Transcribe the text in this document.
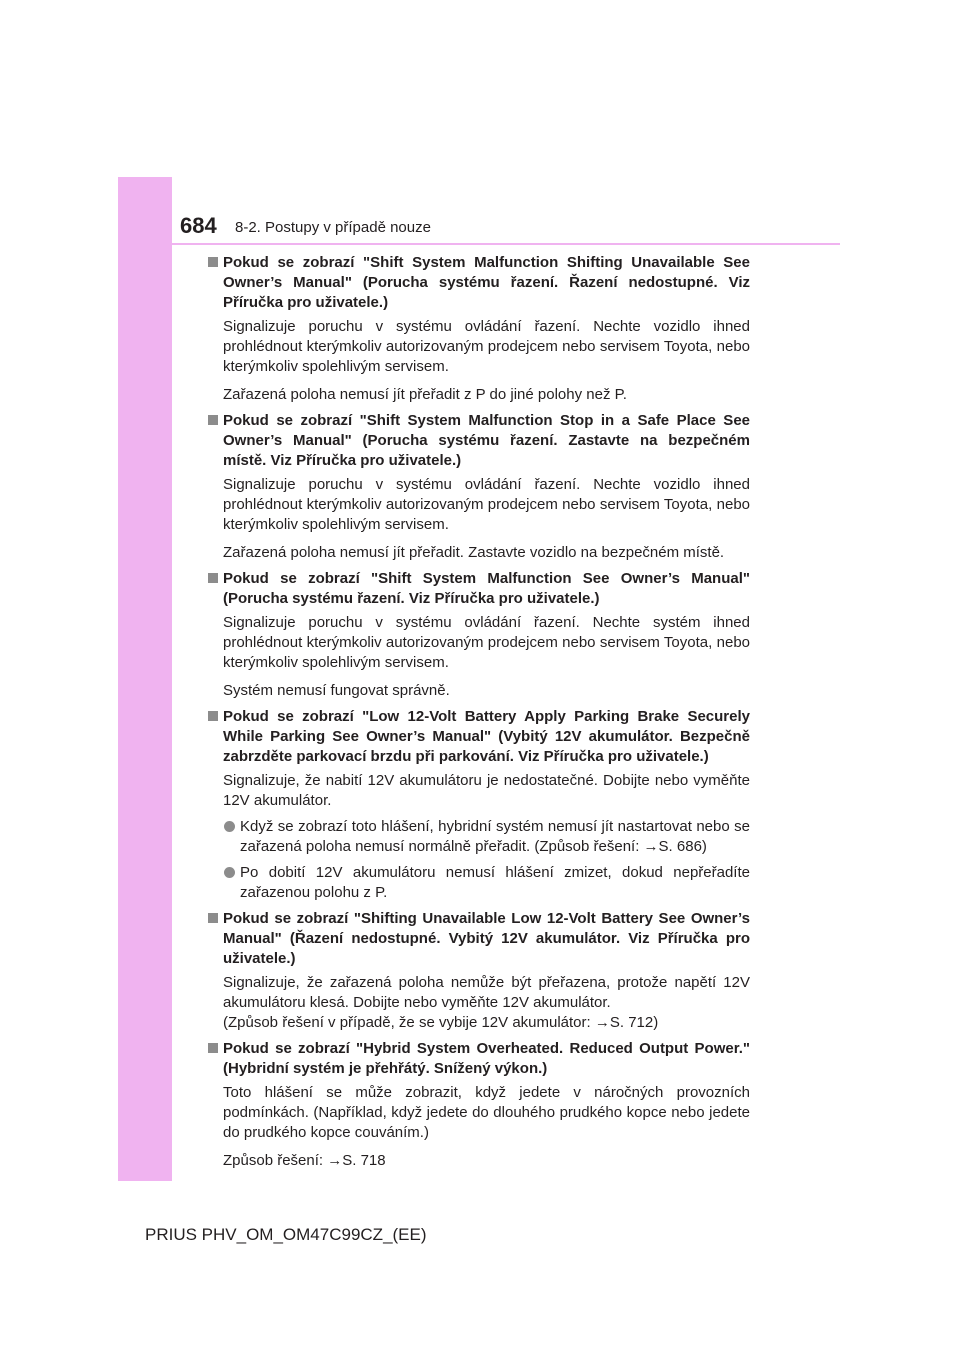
684 8-2. Postupy v případě nouze
Pokud se zobrazí "Shift System Malfunction Shifting Unavailable See Owner’s Manual" (Porucha systému řazení. Řazení nedostupné. Viz Příručka pro uživatele.)
Signalizuje poruchu v systému ovládání řazení. Nechte vozidlo ihned prohlédnout kterýmkoliv autorizovaným prodejcem nebo servisem Toyota, nebo kterýmkoliv spolehlivým servisem.
Zařazená poloha nemusí jít přeřadit z P do jiné polohy než P.
Pokud se zobrazí "Shift System Malfunction Stop in a Safe Place See Owner’s Manual" (Porucha systému řazení. Zastavte na bezpečném místě. Viz Příručka pro uživatele.)
Signalizuje poruchu v systému ovládání řazení. Nechte vozidlo ihned prohlédnout kterýmkoliv autorizovaným prodejcem nebo servisem Toyota, nebo kterýmkoliv spolehlivým servisem.
Zařazená poloha nemusí jít přeřadit. Zastavte vozidlo na bezpečném místě.
Pokud se zobrazí "Shift System Malfunction See Owner’s Manual" (Porucha systému řazení. Viz Příručka pro uživatele.)
Signalizuje poruchu v systému ovládání řazení. Nechte systém ihned prohlédnout kterýmkoliv autorizovaným prodejcem nebo servisem Toyota, nebo kterýmkoliv spolehlivým servisem.
Systém nemusí fungovat správně.
Pokud se zobrazí "Low 12-Volt Battery Apply Parking Brake Securely While Parking See Owner’s Manual" (Vybitý 12V akumulátor. Bezpečně zabrzděte parkovací brzdu při parkování. Viz Příručka pro uživatele.)
Signalizuje, že nabití 12V akumulátoru je nedostatečné. Dobijte nebo vyměňte 12V akumulátor.
Když se zobrazí toto hlášení, hybridní systém nemusí jít nastartovat nebo se zařazená poloha nemusí normálně přeřadit. (Způsob řešení: →S. 686)
Po dobití 12V akumulátoru nemusí hlášení zmizet, dokud nepřeřadíte zařazenou polohu z P.
Pokud se zobrazí "Shifting Unavailable Low 12-Volt Battery See Owner’s Manual" (Řazení nedostupné. Vybitý 12V akumulátor. Viz Příručka pro uživatele.)
Signalizuje, že zařazená poloha nemůže být přeřazena, protože napětí 12V akumulátoru klesá. Dobijte nebo vyměňte 12V akumulátor.
(Způsob řešení v případě, že se vybije 12V akumulátor: →S. 712)
Pokud se zobrazí "Hybrid System Overheated. Reduced Output Power." (Hybridní systém je přehřátý. Snížený výkon.)
Toto hlášení se může zobrazit, když jedete v náročných provozních podmínkách. (Například, když jedete do dlouhého prudkého kopce nebo jedete do prudkého kopce couváním.)
Způsob řešení: →S. 718
PRIUS PHV_OM_OM47C99CZ_(EE)
